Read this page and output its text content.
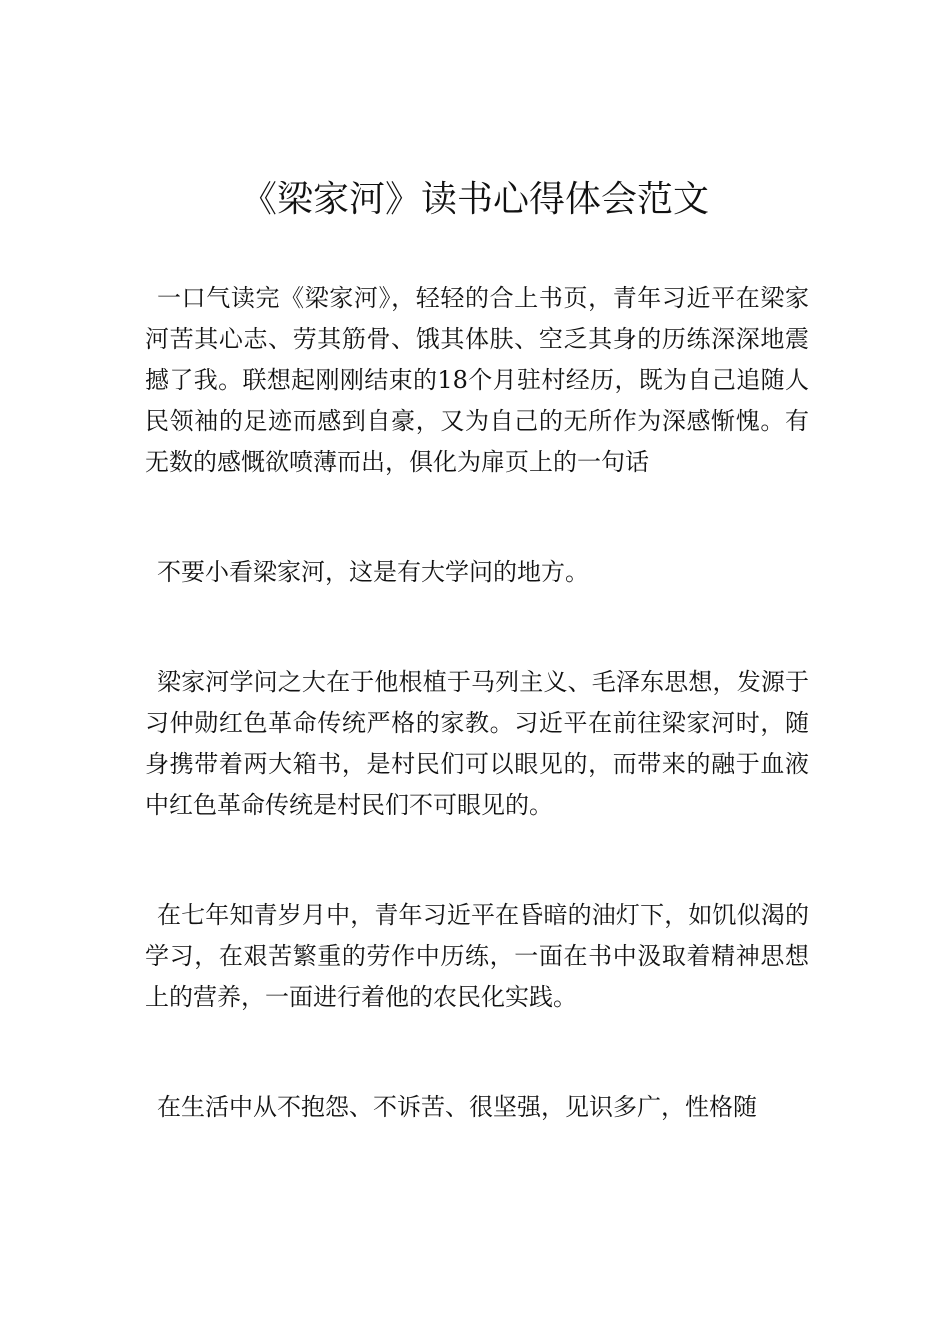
《梁家河》读书心得体会范文

一口气读完《梁家河》，轻轻的合上书页，青年习近平在梁家河苦其心志、劳其筋骨、饿其体肤、空乏其身的历练深深地震撼了我。联想起刚刚结束的18个月驻村经历，既为自己追随人民领袖的足迹而感到自豪，又为自己的无所作为深感惭愧。有无数的感慨欲喷薄而出，俱化为扉页上的一句话

不要小看梁家河，这是有大学问的地方。

梁家河学问之大在于他根植于马列主义、毛泽东思想，发源于习仲勋红色革命传统严格的家教。习近平在前往梁家河时，随身携带着两大箱书，是村民们可以眼见的，而带来的融于血液中红色革命传统是村民们不可眼见的。

在七年知青岁月中，青年习近平在昏暗的油灯下，如饥似渴的学习，在艰苦繁重的劳作中历练，一面在书中汲取着精神思想上的营养，一面进行着他的农民化实践。

在生活中从不抱怨、不诉苦、很坚强，见识多广，性格随
